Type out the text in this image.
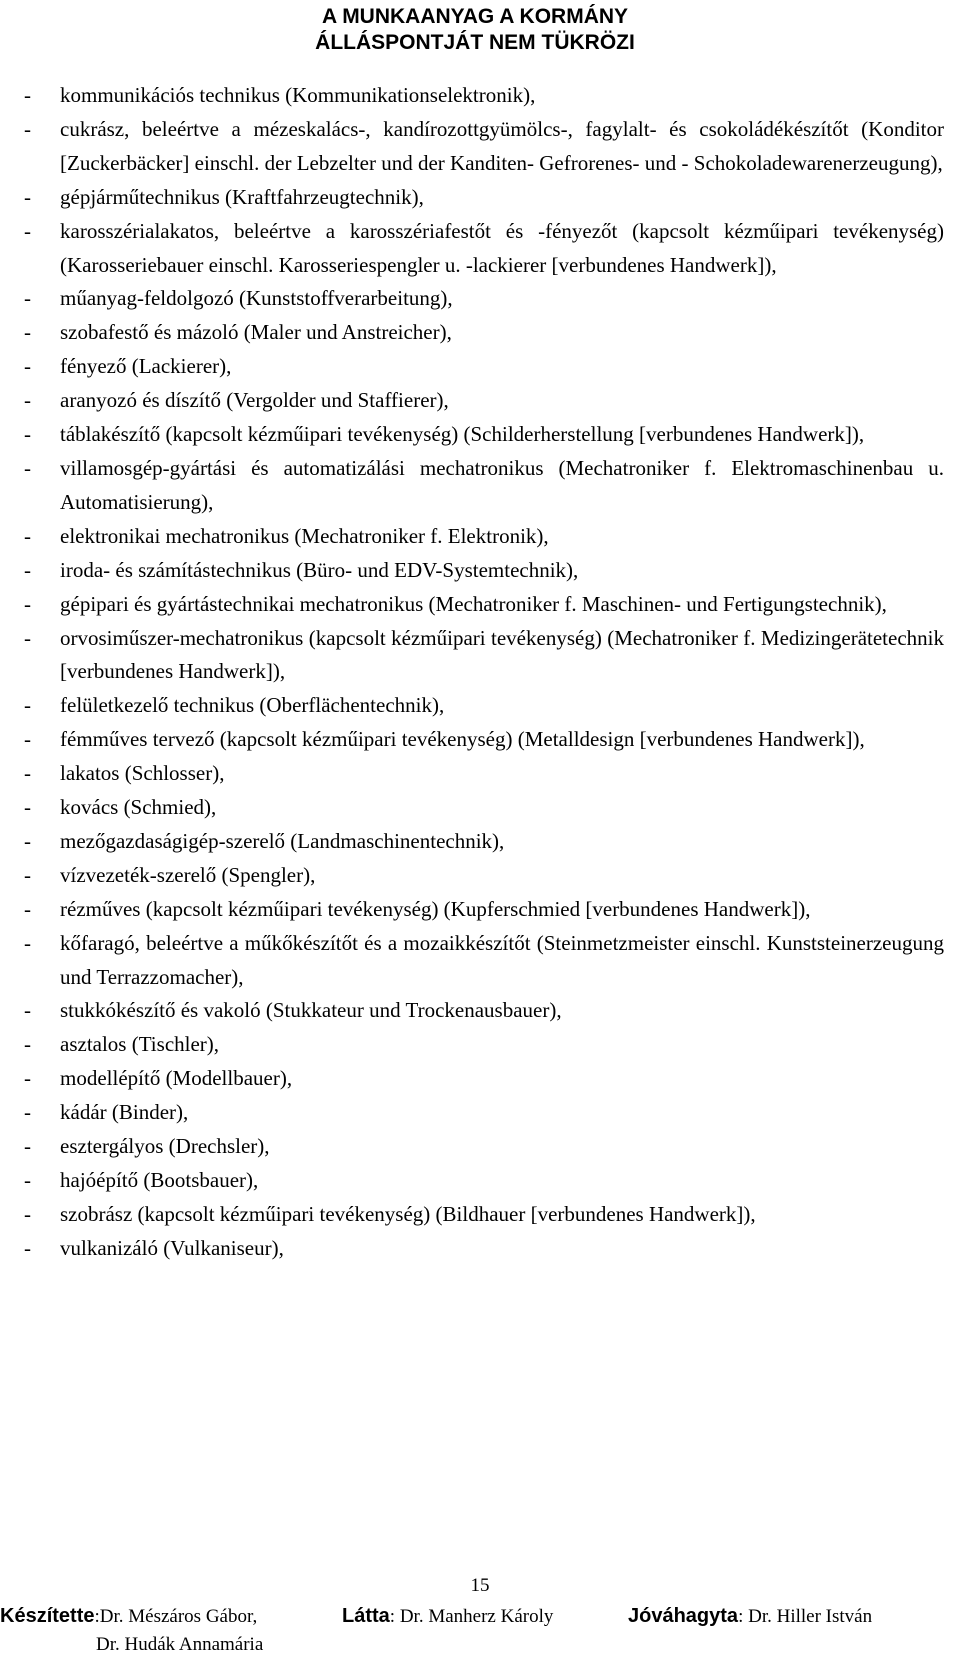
A MUNKAANYAG A KORMÁNY
ÁLLÁSPONTJÁT NEM TÜKRÖZI
- kommunikációs technikus (Kommunikationselektronik),
- cukrász, beleértve a mézeskalács-, kandírozottgyümölcs-, fagylalt- és csokoládékészítőt (Konditor [Zuckerbäcker] einschl. der Lebzelter und der Kanditen- Gefrorenes- und - Schokoladewarenerzeugung),
- gépjárműtechnikus (Kraftfahrzeugtechnik),
- karosszérialakatos, beleértve a karosszériafestőt és -fényezőt (kapcsolt kézműipari tevékenység) (Karosseriebauer einschl. Karosseriespengler u. -lackierer [verbundenes Handwerk]),
- műanyag-feldolgozó (Kunststoffverarbeitung),
- szobafestő és mázoló (Maler und Anstreicher),
- fényező (Lackierer),
- aranyozó és díszítő (Vergolder und Staffierer),
- táblakészítő (kapcsolt kézműipari tevékenység) (Schilderherstellung [verbundenes Handwerk]),
- villamosgép-gyártási és automatizálási mechatronikus (Mechatroniker f. Elektromaschinenbau u. Automatisierung),
- elektronikai mechatronikus (Mechatroniker f. Elektronik),
- iroda- és számítástechnikus (Büro- und EDV-Systemtechnik),
- gépipari és gyártástechnikai mechatronikus (Mechatroniker f. Maschinen- und Fertigungstechnik),
- orvosiműszer-mechatronikus (kapcsolt kézműipari tevékenység) (Mechatroniker f. Medizingerätetechnik [verbundenes Handwerk]),
- felületkezelő technikus (Oberflächentechnik),
- fémműves tervező (kapcsolt kézműipari tevékenység) (Metalldesign [verbundenes Handwerk]),
- lakatos (Schlosser),
- kovács (Schmied),
- mezőgazdaságigép-szerelő (Landmaschinentechnik),
- vízvezeték-szerelő (Spengler),
- rézműves (kapcsolt kézműipari tevékenység) (Kupferschmied [verbundenes Handwerk]),
- kőfaragó, beleértve a műkőkészítőt és a mozaikkészítőt (Steinmetzmeister einschl. Kunststeinerzeugung und Terrazzomacher),
- stukkókészítő és vakoló (Stukkateur und Trockenausbauer),
- asztalos (Tischler),
- modellépítő (Modellbauer),
- kádár (Binder),
- esztergályos (Drechsler),
- hajóépítő (Bootsbauer),
- szobrász (kapcsolt kézműipari tevékenység) (Bildhauer [verbundenes Handwerk]),
- vulkanizáló (Vulkaniseur),
15
Készítette:Dr. Mészáros Gábor,
Dr. Hudák Annamária
Látta: Dr. Manherz Károly	Jóváhagyta: Dr. Hiller István
